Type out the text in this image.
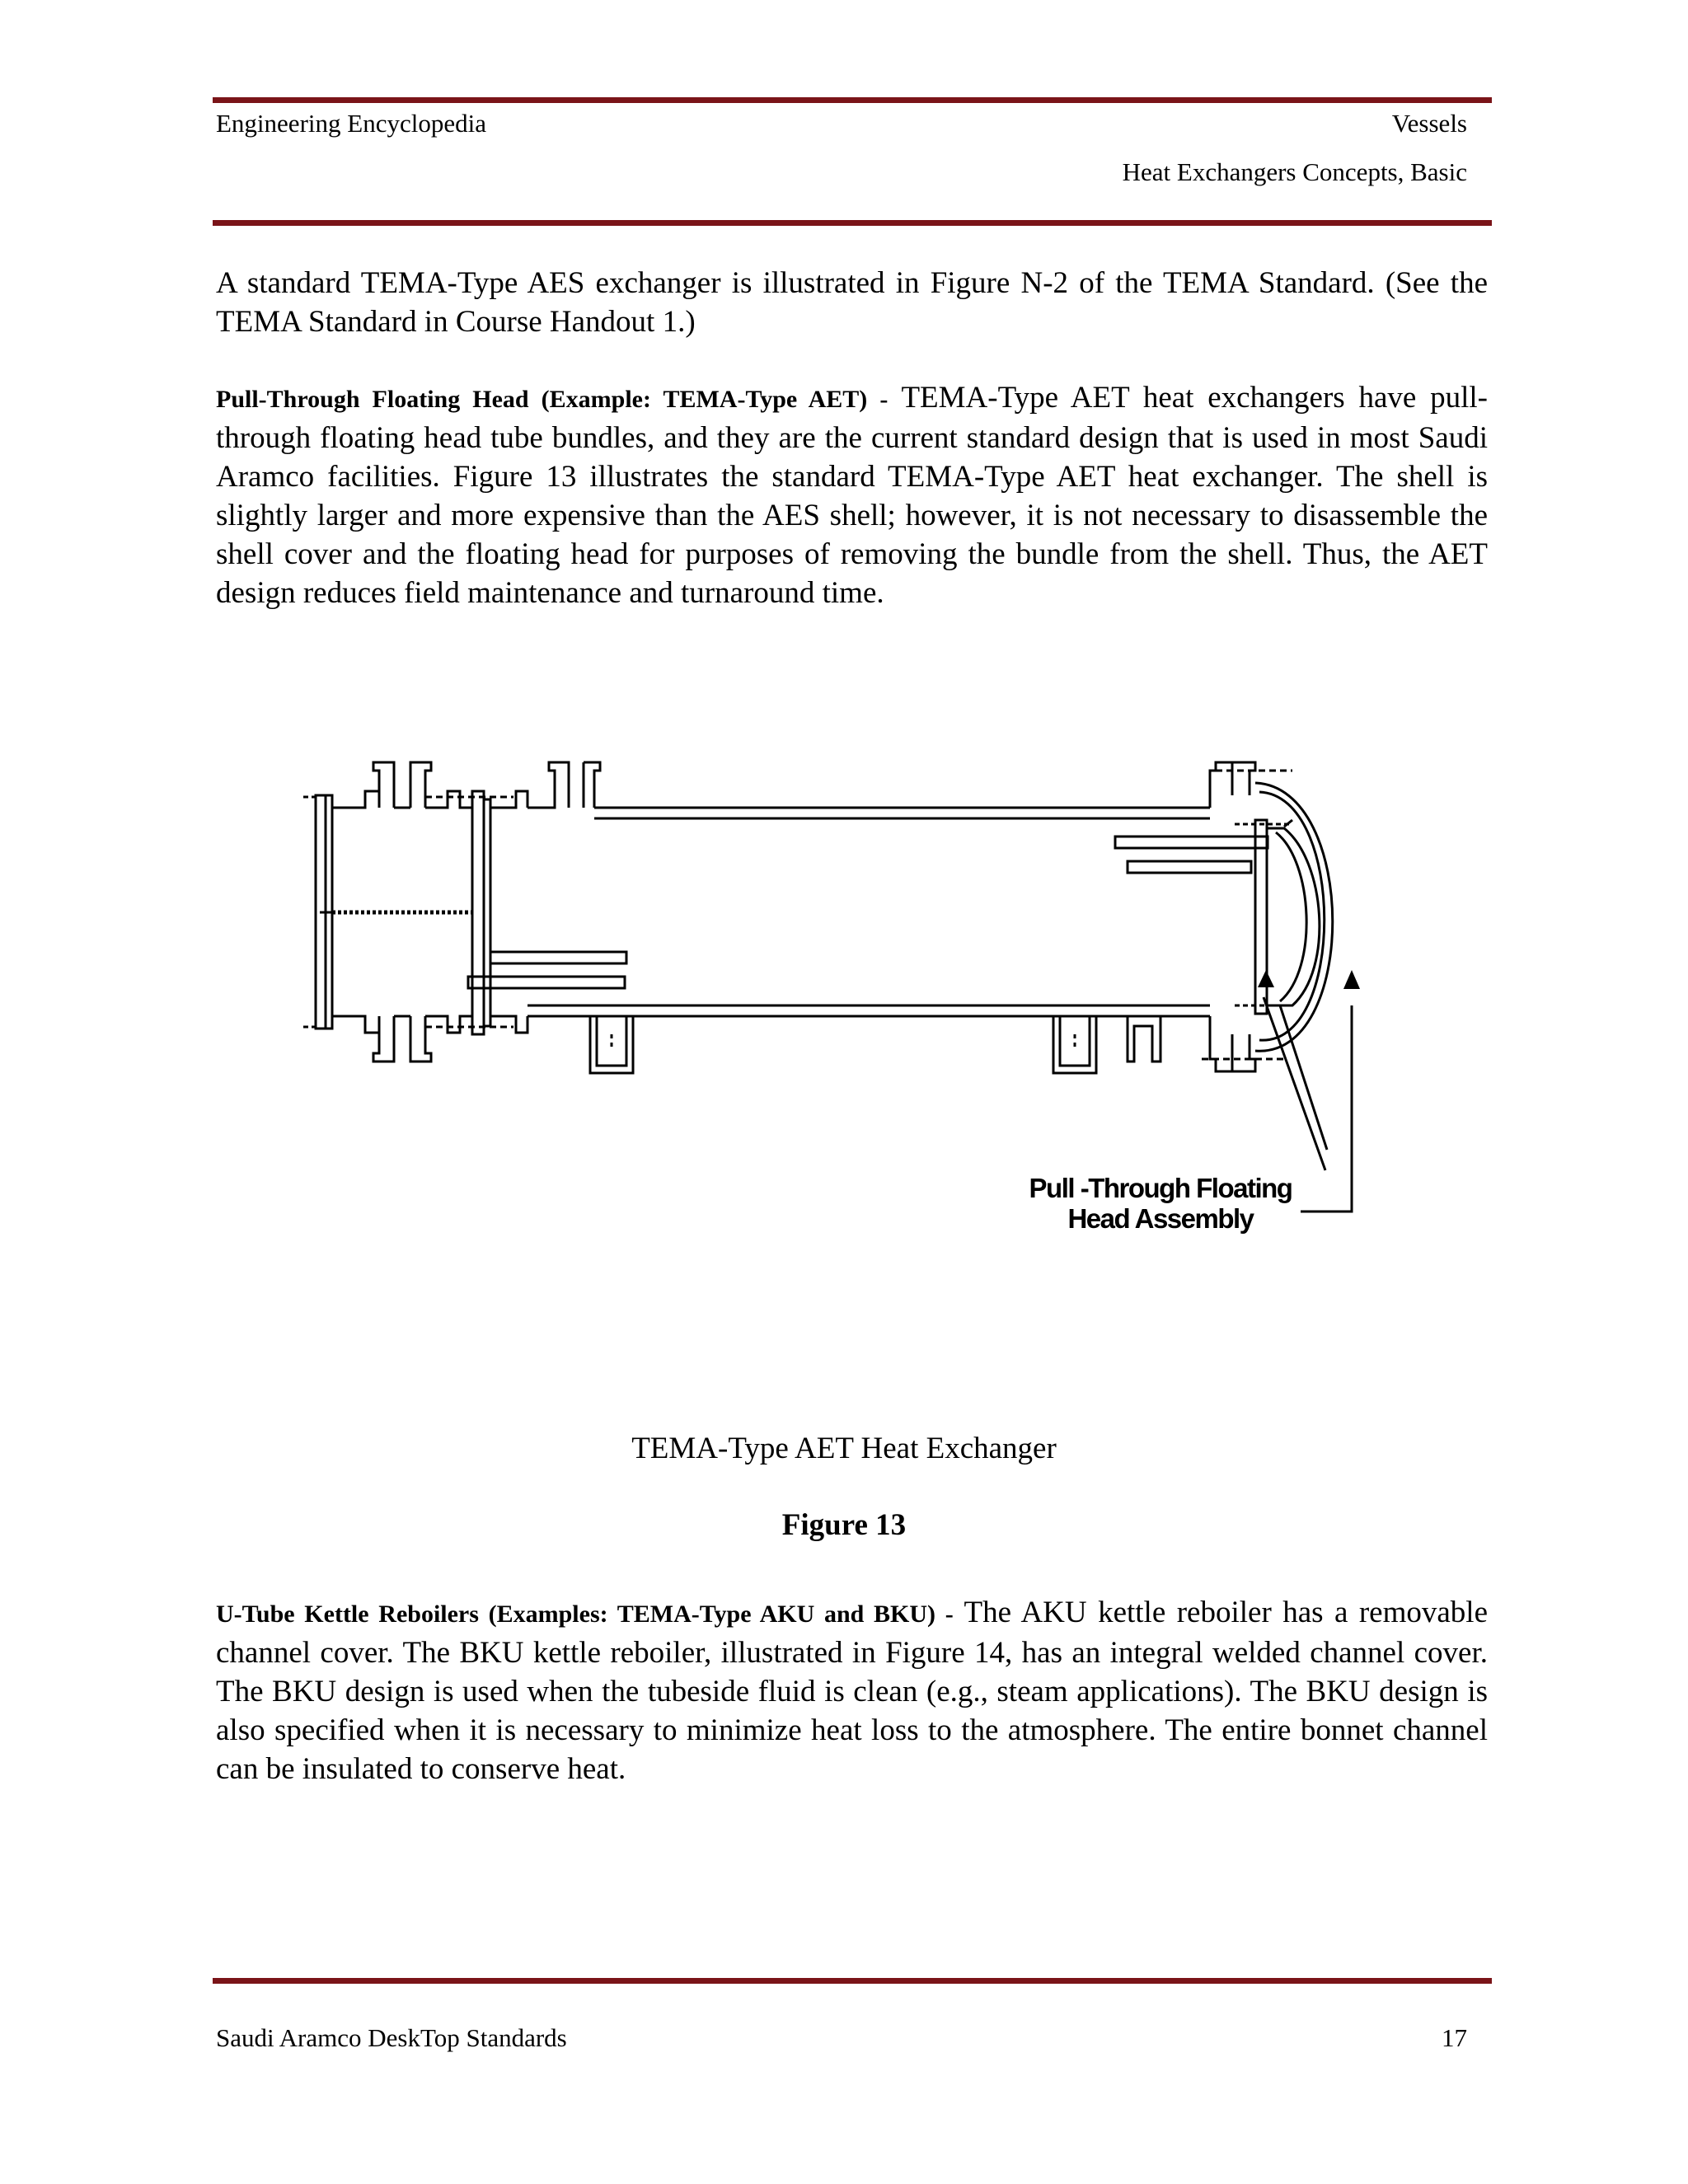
Engineering Encyclopedia	Vessels
Heat Exchangers Concepts, Basic

A standard TEMA-Type AES exchanger is illustrated in Figure N-2 of the TEMA Standard. (See the TEMA Standard in Course Handout 1.)

Pull-Through Floating Head (Example: TEMA-Type AET) - TEMA-Type AET heat exchangers have pull-through floating head tube bundles, and they are the current standard design that is used in most Saudi Aramco facilities. Figure 13 illustrates the standard TEMA-Type AET heat exchanger. The shell is slightly larger and more expensive than the AES shell; however, it is not necessary to disassemble the shell cover and the floating head for purposes of removing the bundle from the shell. Thus, the AET design reduces field maintenance and turnaround time.

Pull -Through Floating
Head Assembly
TEMA-Type AET Heat Exchanger
Figure 13

U-Tube Kettle Reboilers (Examples: TEMA-Type AKU and BKU) - The AKU kettle reboiler has a removable channel cover. The BKU kettle reboiler, illustrated in Figure 14, has an integral welded channel cover. The BKU design is used when the tubeside fluid is clean (e.g., steam applications). The BKU design is also specified when it is necessary to minimize heat loss to the atmosphere. The entire bonnet channel can be insulated to conserve heat.

Saudi Aramco DeskTop Standards	17
